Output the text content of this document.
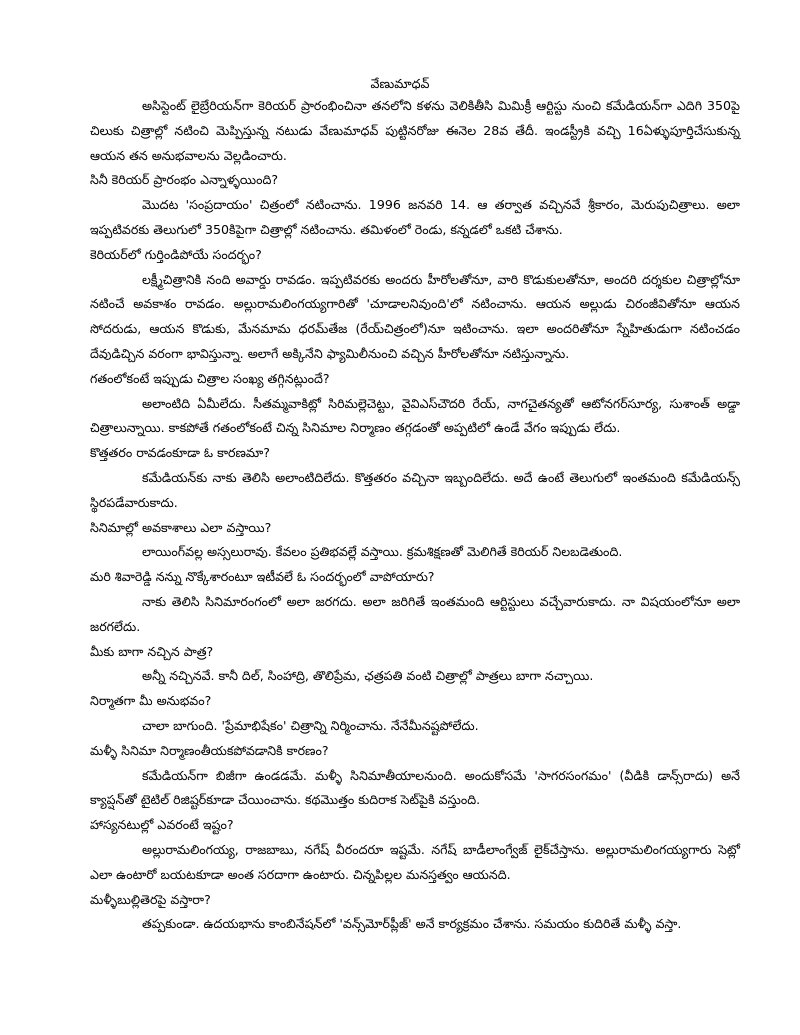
వేణుమాధవ్

అసిస్టెంట్ లైబ్రేరియన్‌గా కెరియర్ ప్రారంభించినా తనలోని కళను వెలికితీసి మిమిక్రీ ఆర్టిస్టు నుంచి కమేడియన్‌గా ఎదిగి 350పై చిలుకు చిత్రాల్లో నటించి మెప్పిస్తున్న నటుడు వేణుమాధవ్ పుట్టినరోజు ఈనెల 28వ తేదీ. ఇండస్ట్రీకి వచ్చి 16ఏళ్ళుపూర్తిచేసుకున్న ఆయన తన అనుభవాలను వెల్లడించారు.

సినీ కెరియర్ ప్రారంభం ఎన్నాళ్ళయింది?

మొదట 'సంప్రదాయం' చిత్రంలో నటించాను. 1996 జనవరి 14. ఆ తర్వాత వచ్చినవే శ్రీకారం, మెరుపుచిత్రాలు. అలా ఇప్పటివరకు తెలుగులో 350కిపైగా చిత్రాల్లో నటించాను. తమిళంలో రెండు, కన్నడలో ఒకటి చేశాను.

కెరియర్‌లో గుర్తిండిపోయే సందర్భం?

లక్ష్మీచిత్రానికి నంది అవార్డు రావడం. ఇప్పటివరకు అందరు హీరోలతోనూ, వారి కొడుకులతోనూ, అందరి దర్శకుల చిత్రాల్లోనూ నటించే అవకాశం రావడం. అల్లురామలింగయ్యగారితో 'చూడాలనివుంది'లో నటించాను. ఆయన అల్లుడు చిరంజీవితోనూ ఆయన సోదరుడు, ఆయన కొడుకు, మేనమామ ధరమ్‌తేజ (రేయ్‌చిత్రంలో)నూ ఇటించాను. ఇలా అందరితోనూ స్నేహితుడుగా నటించడం దేవుడిచ్చిన వరంగా భావిస్తున్నా. అలాగే అక్కినేని ఫ్యామిలీనుంచి వచ్చిన హీరోలతోనూ నటిస్తున్నాను.

గతంలోకంటే ఇప్పుడు చిత్రాల సంఖ్య తగ్గినట్లుందే?

అలాంటిది ఏమీలేదు. సీతమ్మవాకిట్లో సిరిమల్లెచెట్టు, వైవిఎస్‌చౌదరి రేయ్, నాగచైతన్యతో ఆటోనగర్‌సూర్య, సుశాంత్ అడ్డా చిత్రాలున్నాయి. కాకపోతే గతంలోకంటే చిన్న సినిమాల నిర్మాణం తగ్గడంతో అప్పటిలో ఉండే వేగం ఇప్పుడు లేదు.

కొత్తతరం రావడంకూడా ఓ కారణమా?

కమేడియన్‌కు నాకు తెలిసి అలాంటిదిలేదు. కొత్తతరం వచ్చినా ఇబ్బందిలేదు. అదే ఉంటే తెలుగులో ఇంతమంది కమేడియన్స్ స్థిరపడేవారుకాదు.

సినిమాల్లో అవకాశాలు ఎలా వస్తాయి?

లాయింగ్‌వల్ల అస్సలురావు. కేవలం ప్రతిభవల్లే వస్తాయి. క్రమశిక్షణతో మెలిగితే కెరియర్ నిలబడెతుంది.

మరి శివారెడ్డి నన్ను నొక్కేశారంటూ ఇటీవలే ఓ సందర్భంలో వాపోయారు?

నాకు తెలిసి సినిమారంగంలో అలా జరగదు. అలా జరిగితే ఇంతమంది ఆర్టిస్టులు వచ్చేవారుకాదు. నా విషయంలోనూ అలా జరగలేదు.

మీకు బాగా నచ్చిన పాత్ర?

అన్నీ నచ్చినవే. కానీ దిల్, సింహాద్రి, తొలిప్రేమ, ఛత్రపతి వంటి చిత్రాల్లో పాత్రలు బాగా నచ్చాయి.

నిర్మాతగా మీ అనుభవం?

చాలా బాగుంది. 'ప్రేమాభిషేకం' చిత్రాన్ని నిర్మించాను. నేనేమీనష్టపోలేదు.

మళ్ళీ సినిమా నిర్మాణంతీయకపోవడానికి కారణం?

కమేడియన్‌గా బిజీగా ఉండడమే. మళ్ళీ సినిమాతీయాలనుంది. అందుకోసమే 'సాగరసంగమం' (వీడికి డాన్స్‌రాదు) అనే క్యాప్షన్‌తో టైటిల్ రిజిష్టర్‌కూడా చేయించాను. కథమొత్తం కుదిరాక సెట్‌పైకి వస్తుంది.

హాస్యనటుల్లో ఎవరంటే ఇష్టం?

అల్లురామలింగయ్య, రాజబాబు, నగేష్ వీరందరూ ఇష్టమే. నగేష్ బాడీలాంగ్వేజ్ లైక్‌చేస్తాను. అల్లురామలింగయ్యగారు సెట్లో ఎలా ఉంటారో బయటకూడా అంత సరదాగా ఉంటారు. చిన్నపిల్లల మనస్తత్వం ఆయనది.

మళ్ళీబుల్లితెరపై వస్తారా?

తప్పకుండా. ఉదయభాను కాంబినేషన్‌లో 'వన్స్‌మోర్‌ప్లీజ్' అనే కార్యక్రమం చేశాను. సమయం కుదిరితే మళ్ళీ వస్తా.
